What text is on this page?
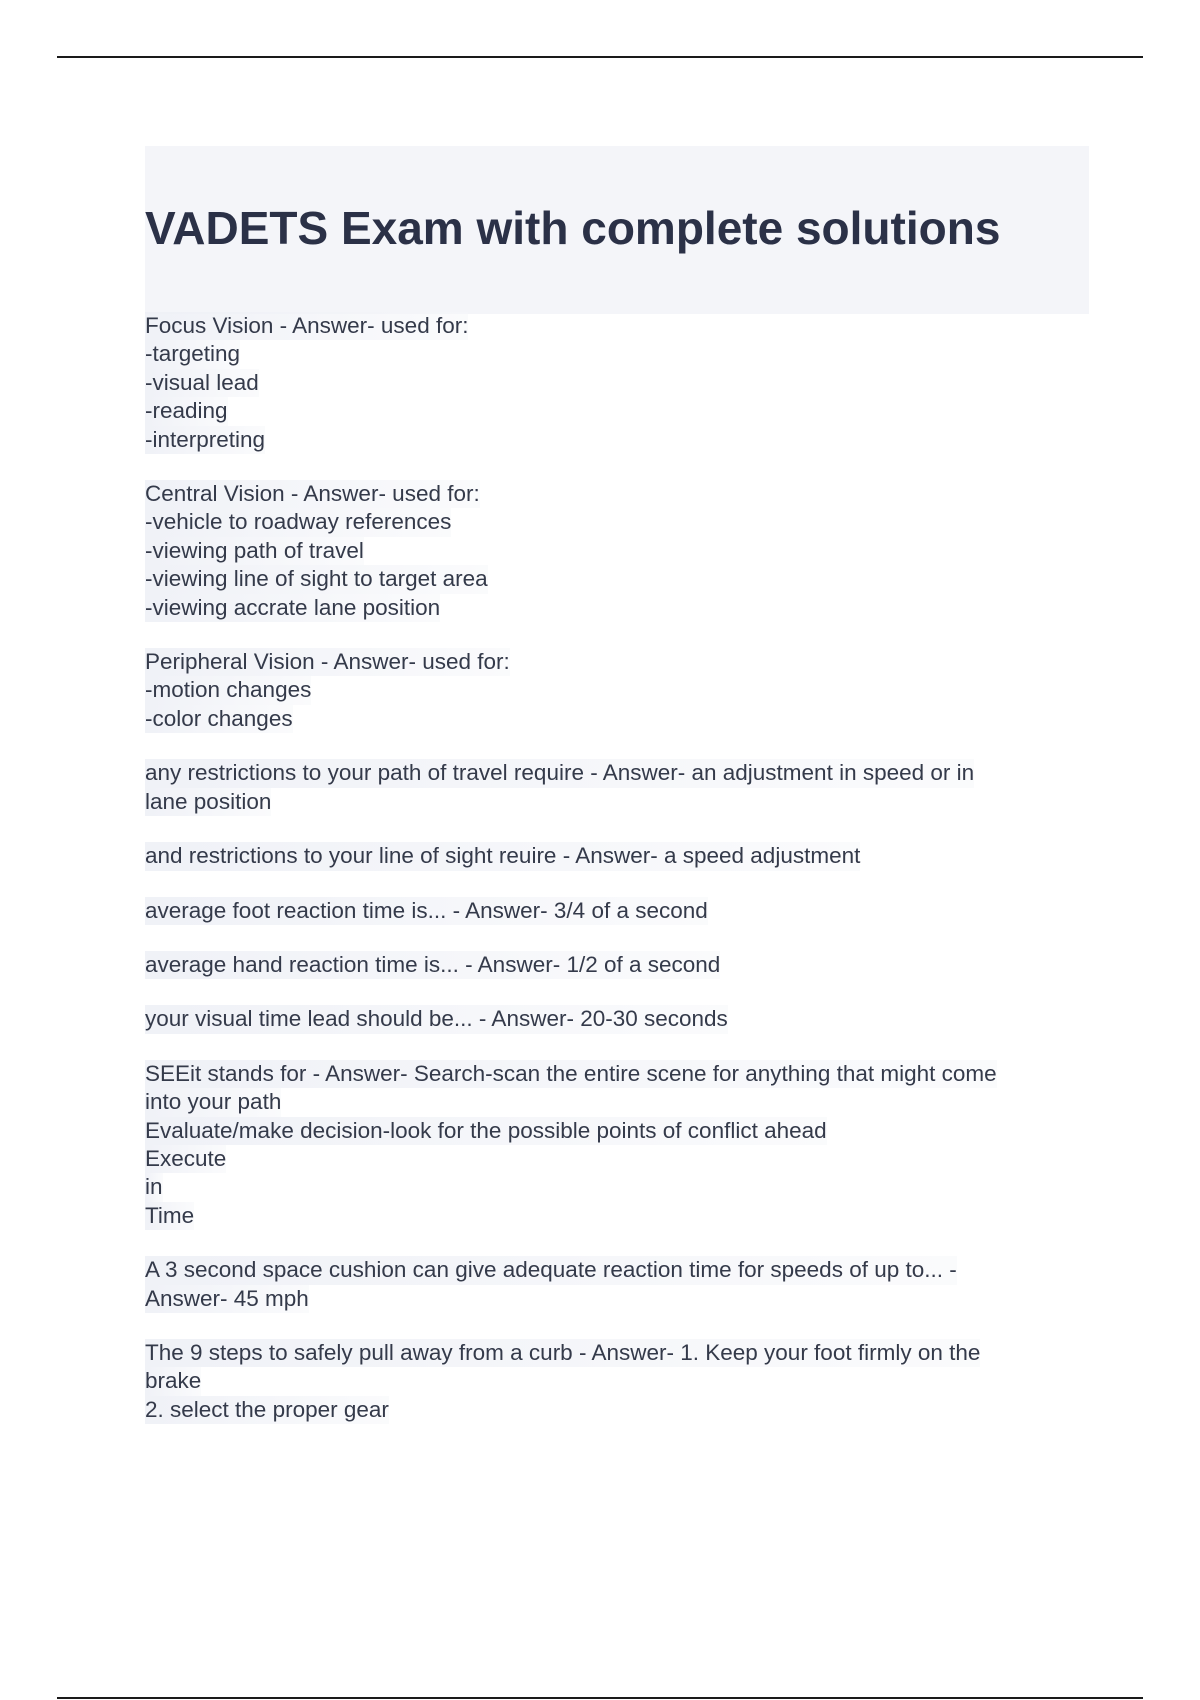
VADETS Exam with complete solutions
Focus Vision - Answer- used for:
-targeting
-visual lead
-reading
-interpreting
Central Vision - Answer- used for:
-vehicle to roadway references
-viewing path of travel
-viewing line of sight to target area
-viewing accrate lane position
Peripheral Vision - Answer- used for:
-motion changes
-color changes
any restrictions to your path of travel require - Answer- an adjustment in speed or in
lane position
and restrictions to your line of sight reuire - Answer- a speed adjustment
average foot reaction time is... - Answer- 3/4 of a second
average hand reaction time is... - Answer- 1/2 of a second
your visual time lead should be... - Answer- 20-30 seconds
SEEit stands for - Answer- Search-scan the entire scene for anything that might come
into your path
Evaluate/make decision-look for the possible points of conflict ahead
Execute
in
Time
A 3 second space cushion can give adequate reaction time for speeds of up to... -
Answer- 45 mph
The 9 steps to safely pull away from a curb - Answer- 1. Keep your foot firmly on the
brake
2. select the proper gear
